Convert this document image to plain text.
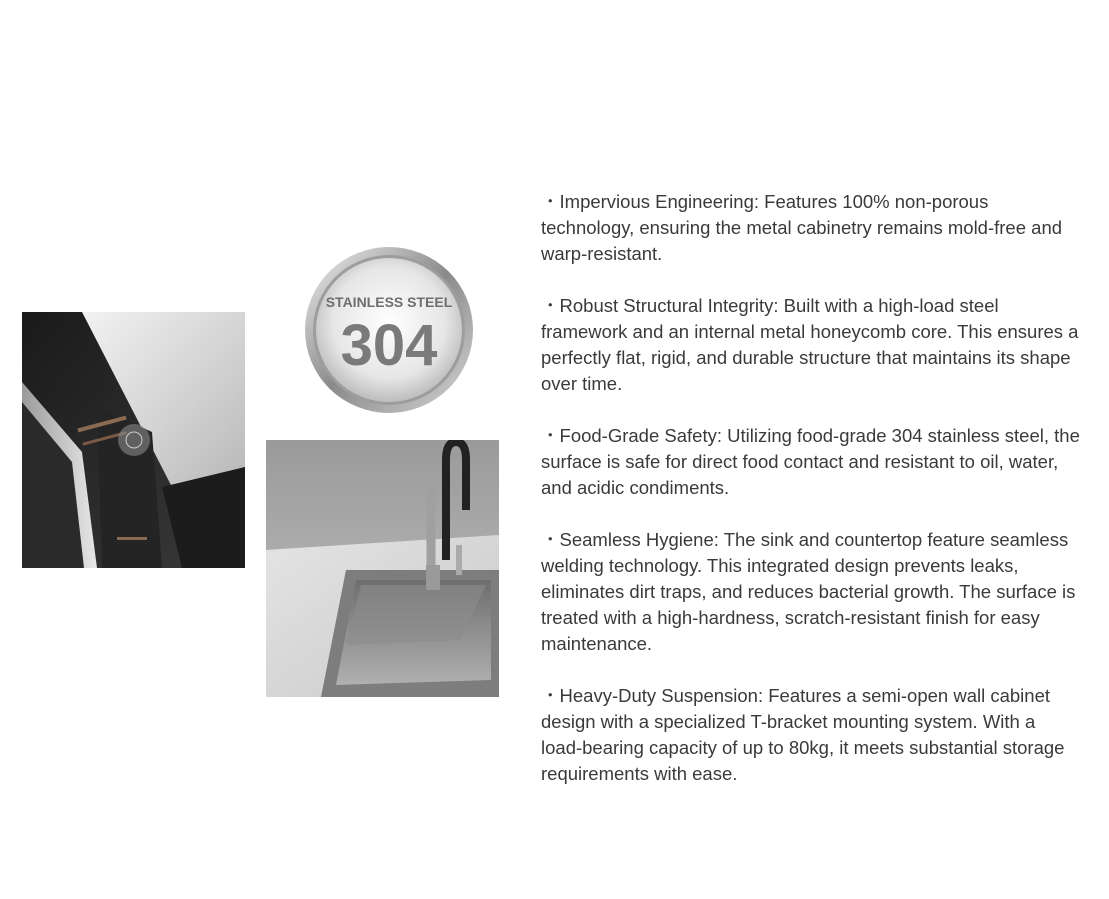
STAINLESS STEEL
304

・Impervious Engineering: Features 100% non-porous technology, ensuring the metal cabinetry remains mold-free and warp-resistant.

・Robust Structural Integrity: Built with a high-load steel framework and an internal metal honeycomb core. This ensures a perfectly flat, rigid, and durable structure that maintains its shape over time.

・Food-Grade Safety: Utilizing food-grade 304 stainless steel, the surface is safe for direct food contact and resistant to oil, water, and acidic condiments.

・Seamless Hygiene: The sink and countertop feature seamless welding technology. This integrated design prevents leaks, eliminates dirt traps, and reduces bacterial growth. The surface is treated with a high-hardness, scratch-resistant finish for easy maintenance.

・Heavy-Duty Suspension: Features a semi-open wall cabinet design with a specialized T-bracket mounting system. With a load-bearing capacity of up to 80kg, it meets substantial storage requirements with ease.
